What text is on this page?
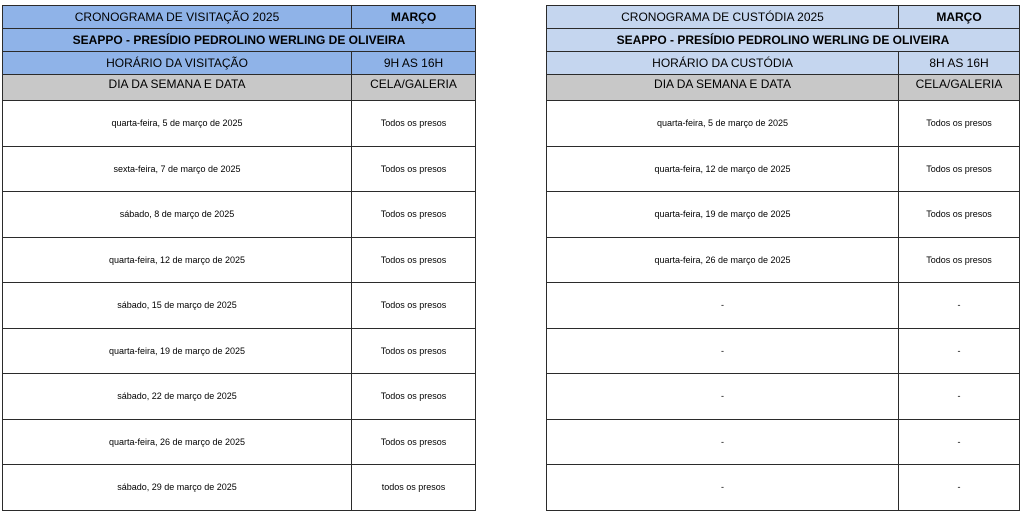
CRONOGRAMA DE VISITAÇÃO 2025	MARÇO
SEAPPO - PRESÍDIO PEDROLINO WERLING DE OLIVEIRA	
HORÁRIO DA VISITAÇÃO	9H AS 16H
DIA DA SEMANA E DATA	CELA/GALERIA
quarta-feira, 5 de março de 2025	Todos os presos
sexta-feira, 7 de março de 2025	Todos os presos
sábado, 8 de março de 2025	Todos os presos
quarta-feira, 12 de março de 2025	Todos os presos
sábado, 15 de março de 2025	Todos os presos
quarta-feira, 19 de março de 2025	Todos os presos
sábado, 22 de março de 2025	Todos os presos
quarta-feira, 26 de março de 2025	Todos os presos
sábado, 29 de março de 2025	todos os presos
CRONOGRAMA DE CUSTÓDIA 2025	MARÇO
SEAPPO - PRESÍDIO PEDROLINO WERLING DE OLIVEIRA	
HORÁRIO DA CUSTÓDIA	8H AS 16H
DIA DA SEMANA E DATA	CELA/GALERIA
quarta-feira, 5 de março de 2025	Todos os presos
quarta-feira, 12 de março de 2025	Todos os presos
quarta-feira, 19 de março de 2025	Todos os presos
quarta-feira, 26 de março de 2025	Todos os presos
-	-
-	-
-	-
-	-
-	-
